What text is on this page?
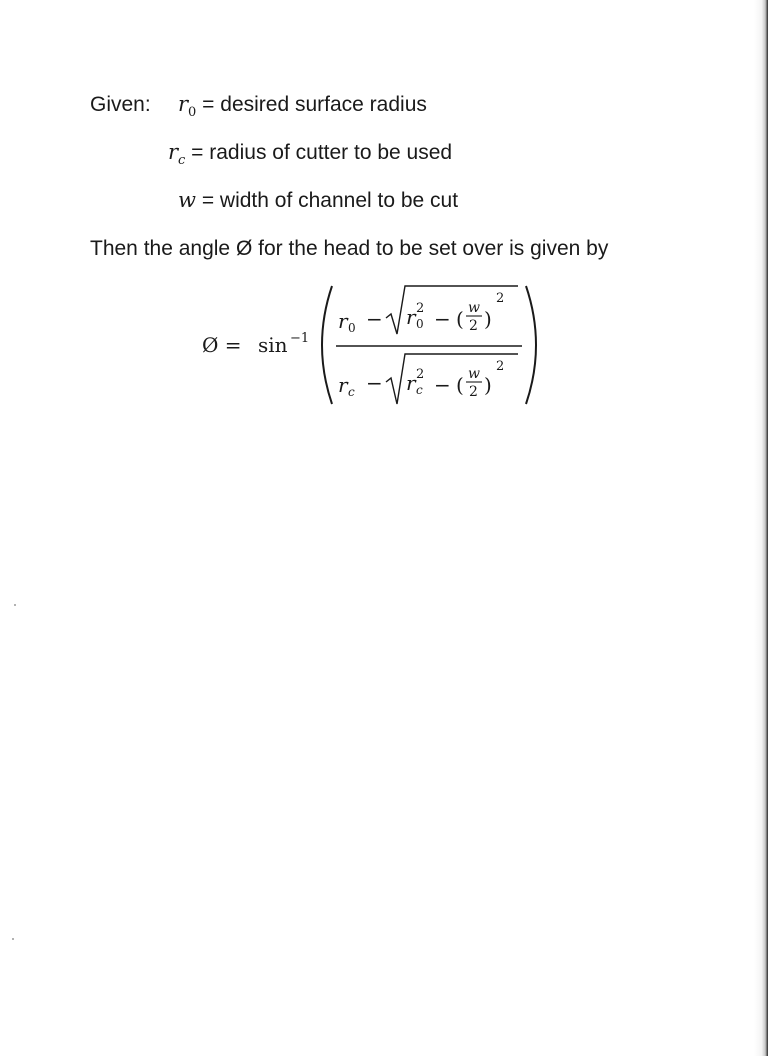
Given: $r_0$ = desired surface radius
$r_c$ = radius of cutter to be used
w = width of channel to be cut
Then the angle Ø for the head to be set over is given by
Ø = sin −1
r 0 − r 2
0 − ( w
2 )
2
r c − r 2
c − ( w
2 )
2
